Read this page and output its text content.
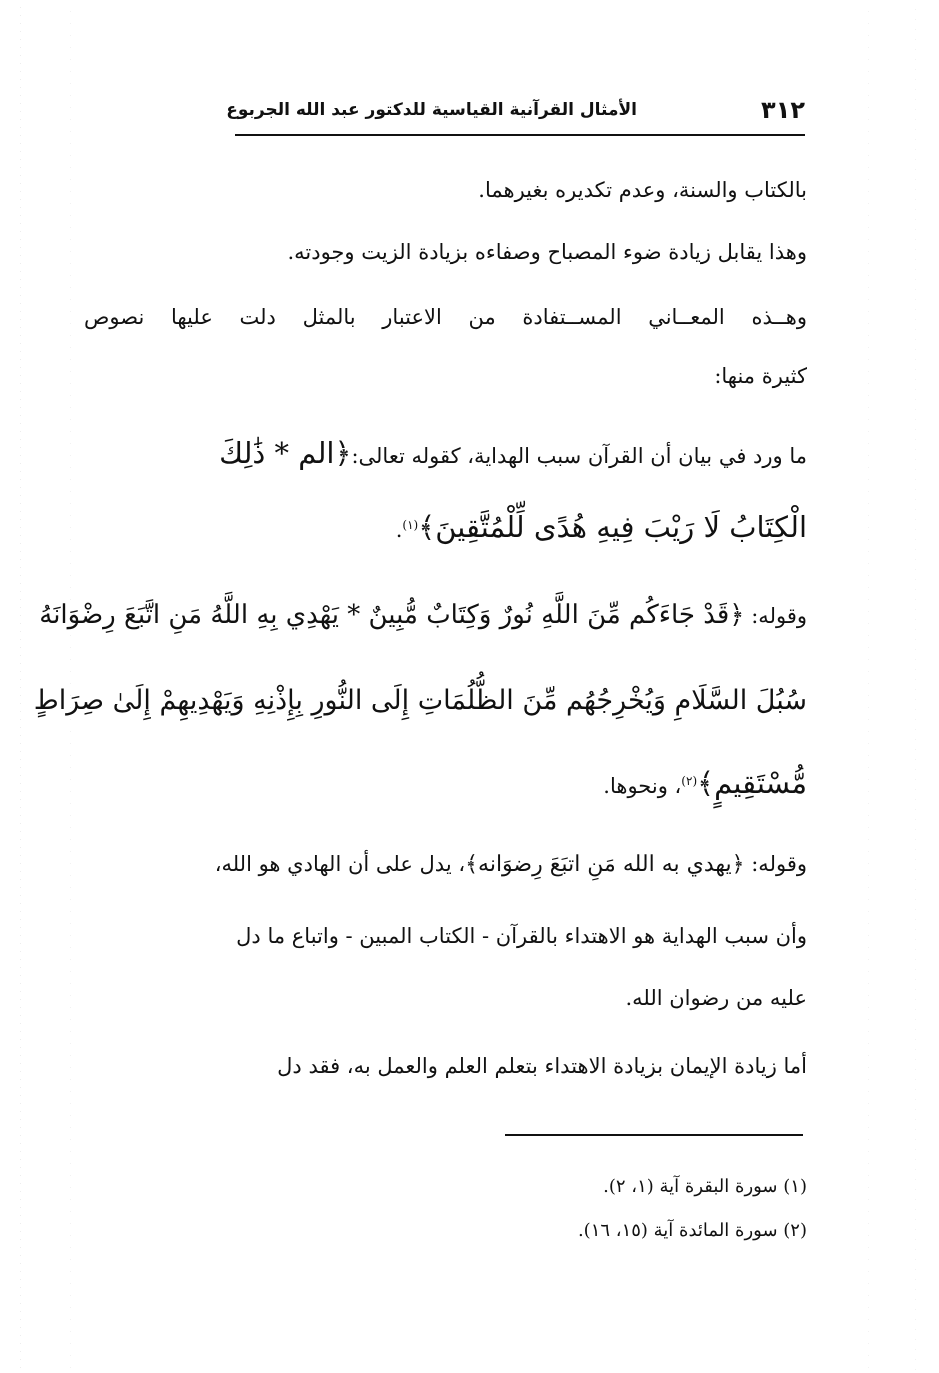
٣١٢
الأمثال القرآنية القياسية للدكتور عبد الله الجربوع
بالكتاب والسنة، وعدم تكديره بغيرهما.
وهذا يقابل زيادة ضوء المصباح وصفاءه بزيادة الزيت وجودته.
وهــذه المعــاني المســتفادة من الاعتبار بالمثل دلت عليها نصوص
كثيرة منها:
ما ورد في بيان أن القرآن سبب الهداية، كقوله تعالى:﴿الم * ذَٰلِكَ
الْكِتَابُ لَا رَيْبَ فِيهِ هُدًى لِّلْمُتَّقِينَ﴾$^{(١)}$.
وقوله: ﴿قَدْ جَاءَكُم مِّنَ اللَّهِ نُورٌ وَكِتَابٌ مُّبِينٌ * يَهْدِي بِهِ اللَّهُ مَنِ اتَّبَعَ رِضْوَانَهُ
سُبُلَ السَّلَامِ وَيُخْرِجُهُم مِّنَ الظُّلُمَاتِ إِلَى النُّورِ بِإِذْنِهِ وَيَهْدِيهِمْ إِلَىٰ صِرَاطٍ
مُّسْتَقِيمٍ﴾$^{(٢)}$، ونحوها.
وقوله: ﴿يهدي به الله مَنِ اتبَعَ رِضوَانه﴾، يدل على أن الهادي هو الله،
وأن سبب الهداية هو الاهتداء بالقرآن - الكتاب المبين - واتباع ما دل
عليه من رضوان الله.
أما زيادة الإيمان بزيادة الاهتداء بتعلم العلم والعمل به، فقد دل
(١) سورة البقرة آية (١، ٢).
(٢) سورة المائدة آية (١٥، ١٦).
